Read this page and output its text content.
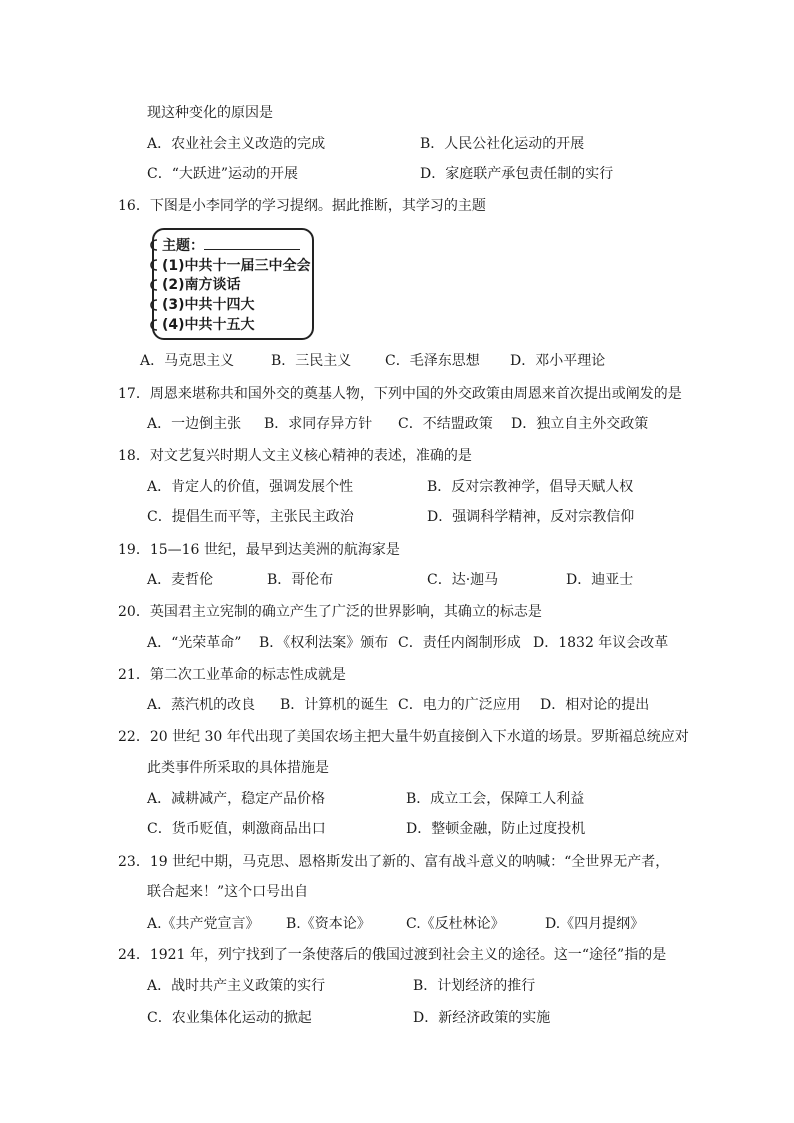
现这种变化的原因是
A．农业社会主义改造的完成	B．人民公社化运动的开展
C．“大跃进”运动的开展	D．家庭联产承包责任制的实行
16．下图是小李同学的学习提纲。据此推断，其学习的主题
主题：
(1)中共十一届三中全会
(2)南方谈话
(3)中共十四大
(4)中共十五大
A．马克思主义	B．三民主义 C．毛泽东思想 D．邓小平理论
17．周恩来堪称共和国外交的奠基人物，下列中国的外交政策由周恩来首次提出或阐发的是
A．一边倒主张 B．求同存异方针 C．不结盟政策 D．独立自主外交政策
18．对文艺复兴时期人文主义核心精神的表述，准确的是
A．肯定人的价值，强调发展个性	B．反对宗教神学，倡导天赋人权
C．提倡生而平等，主张民主政治	D．强调科学精神，反对宗教信仰
19．15—16 世纪，最早到达美洲的航海家是
A．麦哲伦	B．哥伦布	C．达·迦马	D．迪亚士
20．英国君主立宪制的确立产生了广泛的世界影响，其确立的标志是
A．“光荣革命” B．《权利法案》颁布 C．责任内阁制形成 D．1832 年议会改革
21．第二次工业革命的标志性成就是
A．蒸汽机的改良 B．计算机的诞生 C．电力的广泛应用 D．相对论的提出
22．20 世纪 30 年代出现了美国农场主把大量牛奶直接倒入下水道的场景。罗斯福总统应对
此类事件所采取的具体措施是
A．减耕减产，稳定产品价格	B．成立工会，保障工人利益
C．货币贬值，刺激商品出口	D．整顿金融，防止过度投机
23．19 世纪中期，马克思、恩格斯发出了新的、富有战斗意义的呐喊：“全世界无产者，
联合起来！”这个口号出自
A.《共产党宣言》 B.《资本论》	C.《反杜林论》	D.《四月提纲》
24．1921 年，列宁找到了一条使落后的俄国过渡到社会主义的途径。这一“途径”指的是
A．战时共产主义政策的实行	B．计划经济的推行
C．农业集体化运动的掀起	D．新经济政策的实施
